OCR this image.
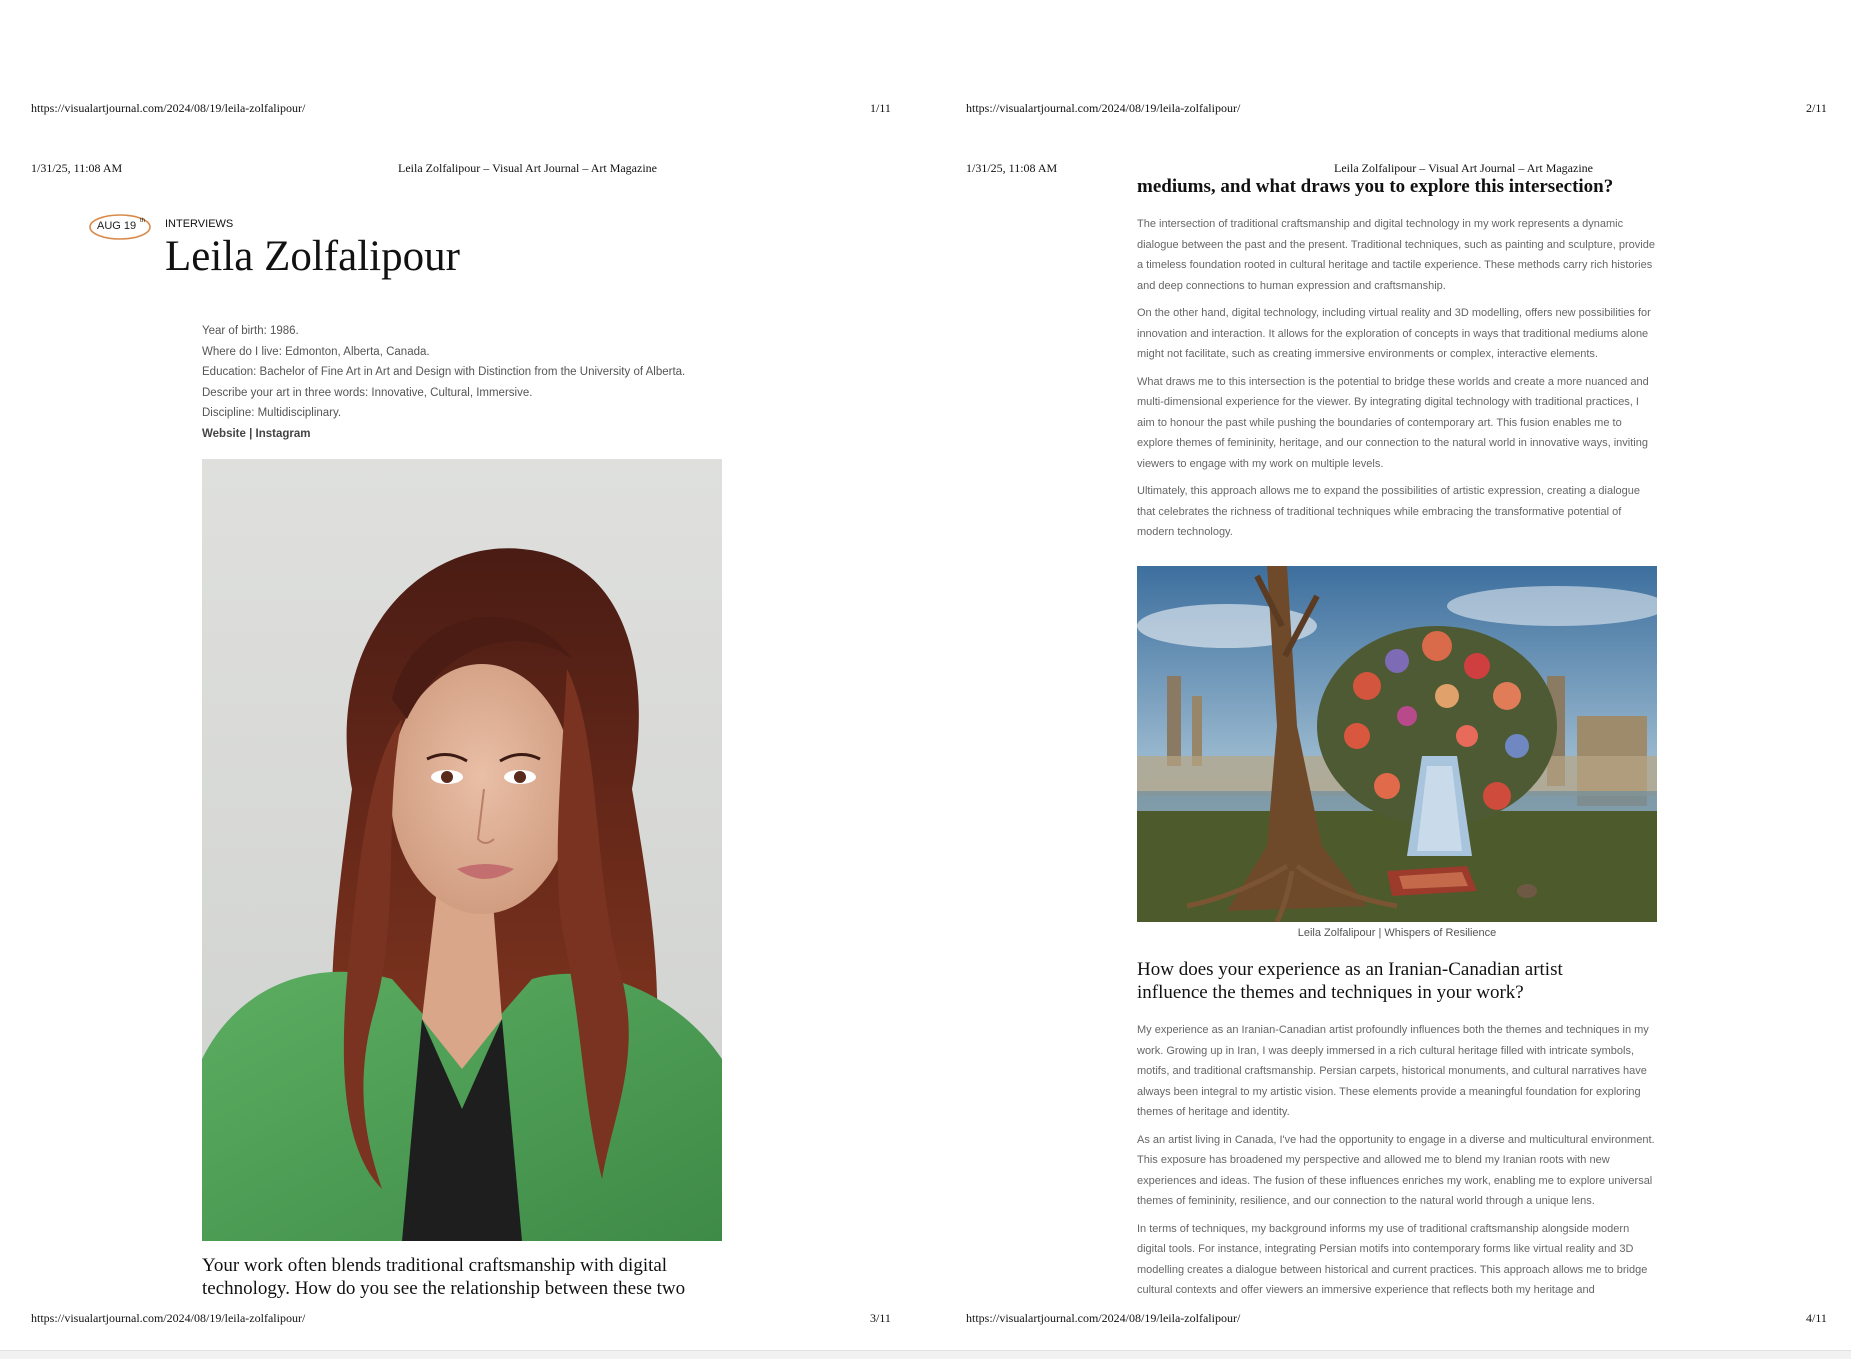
https://visualartjournal.com/2024/08/19/leila-zolfalipour/	1/11
1/31/25, 11:08 AM	Leila Zolfalipour – Visual Art Journal – Art Magazine
AUG 19 th INTERVIEWS
Leila Zolfalipour
Year of birth: 1986.
Where do I live: Edmonton, Alberta, Canada.
Education: Bachelor of Fine Art in Art and Design with Distinction from the University of Alberta.
Describe your art in three words: Innovative, Cultural, Immersive.
Discipline: Multidisciplinary.
Website | Instagram
Your work often blends traditional craftsmanship with digital
technology. How do you see the relationship between these two
https://visualartjournal.com/2024/08/19/leila-zolfalipour/	3/11
https://visualartjournal.com/2024/08/19/leila-zolfalipour/	2/11
1/31/25, 11:08 AM	Leila Zolfalipour – Visual Art Journal – Art Magazine
mediums, and what draws you to explore this intersection?

The intersection of traditional craftsmanship and digital technology in my work represents a dynamic dialogue between the past and the present. Traditional techniques, such as painting and sculpture, provide a timeless foundation rooted in cultural heritage and tactile experience. These methods carry rich histories and deep connections to human expression and craftsmanship.

On the other hand, digital technology, including virtual reality and 3D modelling, offers new possibilities for innovation and interaction. It allows for the exploration of concepts in ways that traditional mediums alone might not facilitate, such as creating immersive environments or complex, interactive elements.

What draws me to this intersection is the potential to bridge these worlds and create a more nuanced and multi-dimensional experience for the viewer. By integrating digital technology with traditional practices, I aim to honour the past while pushing the boundaries of contemporary art. This fusion enables me to explore themes of femininity, heritage, and our connection to the natural world in innovative ways, inviting viewers to engage with my work on multiple levels.

Ultimately, this approach allows me to expand the possibilities of artistic expression, creating a dialogue that celebrates the richness of traditional techniques while embracing the transformative potential of modern technology.

Leila Zolfalipour | Whispers of Resilience
How does your experience as an Iranian-Canadian artist influence the themes and techniques in your work?

My experience as an Iranian-Canadian artist profoundly influences both the themes and techniques in my work. Growing up in Iran, I was deeply immersed in a rich cultural heritage filled with intricate symbols, motifs, and traditional craftsmanship. Persian carpets, historical monuments, and cultural narratives have always been integral to my artistic vision. These elements provide a meaningful foundation for exploring themes of heritage and identity.

As an artist living in Canada, I've had the opportunity to engage in a diverse and multicultural environment. This exposure has broadened my perspective and allowed me to blend my Iranian roots with new experiences and ideas. The fusion of these influences enriches my work, enabling me to explore universal themes of femininity, resilience, and our connection to the natural world through a unique lens.

In terms of techniques, my background informs my use of traditional craftsmanship alongside modern digital tools. For instance, integrating Persian motifs into contemporary forms like virtual reality and 3D modelling creates a dialogue between historical and current practices. This approach allows me to bridge cultural contexts and offer viewers an immersive experience that reflects both my heritage and

https://visualartjournal.com/2024/08/19/leila-zolfalipour/	4/11
